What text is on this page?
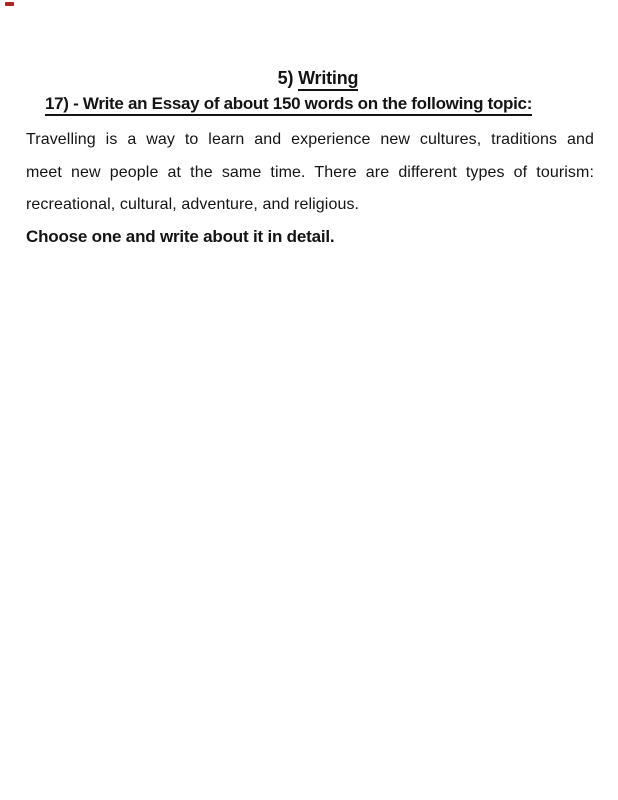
5) Writing
17) - Write an Essay of about 150 words on the following topic:
Travelling is a way to learn and experience new cultures, traditions and
meet new people at the same time. There are different types of tourism:
recreational, cultural, adventure, and religious.

Choose one and write about it in detail.
